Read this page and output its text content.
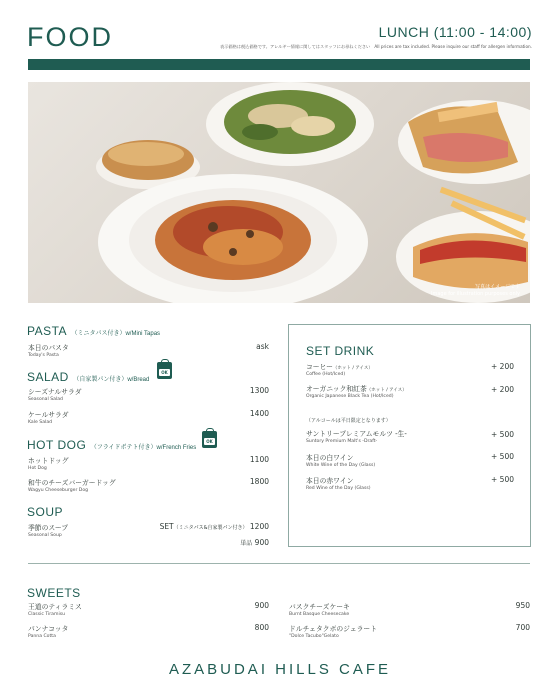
FOOD	LUNCH (11:00 - 14:00)
表示価格は税込価格です。アレルギー情報に関してはスタッフにお尋ねください　All prices are tax included. Please inquire our staff for allergen information.
写真はイメージです
Image for illustration purposes only
PASTA （ミニタパス付き）w/Mini Tapas
本日のパスタ
Today's Pasta
ask
SALAD （自家製パン付き）w/Bread
OK
シーズナルサラダ
Seasonal Salad
1300
ケールサラダ
Kale Salad
1400
HOT DOG （フライドポテト付き）w/French Fries
OK
ホットドッグ
Hot Dog
1100
和牛のチーズバーガードッグ
Wagyu Cheeseburger Dog
1800
SOUP
季節のスープ
Seasonal Soup
SET（ミニタパス&自家製パン付き） 1200
単品 900
SET DRINK
コーヒー（ホット / アイス）
Coffee (Hot/Iced)
+ 200
オーガニック和紅茶（ホット / アイス）
Organic Japanese Black Tea (Hot/Iced)
+ 200
（アルコールは平日限定となります）
サントリープレミアムモルツ -生-
Suntory Premium Malt's -Draft-
+ 500
本日の白ワイン
White Wine of the Day (Glass)
+ 500
本日の赤ワイン
Red Wine of the Day (Glass)
+ 500
SWEETS
王道のティラミス
Classic Tiramisu
900
パンナコッタ
Panna Cotta
800
バスクチーズケーキ
Burnt Basque Cheesecake
950
ドルチェタクボのジェラート
"Dolce Tacubo"Gelato
700
AZABUDAI HILLS CAFE
